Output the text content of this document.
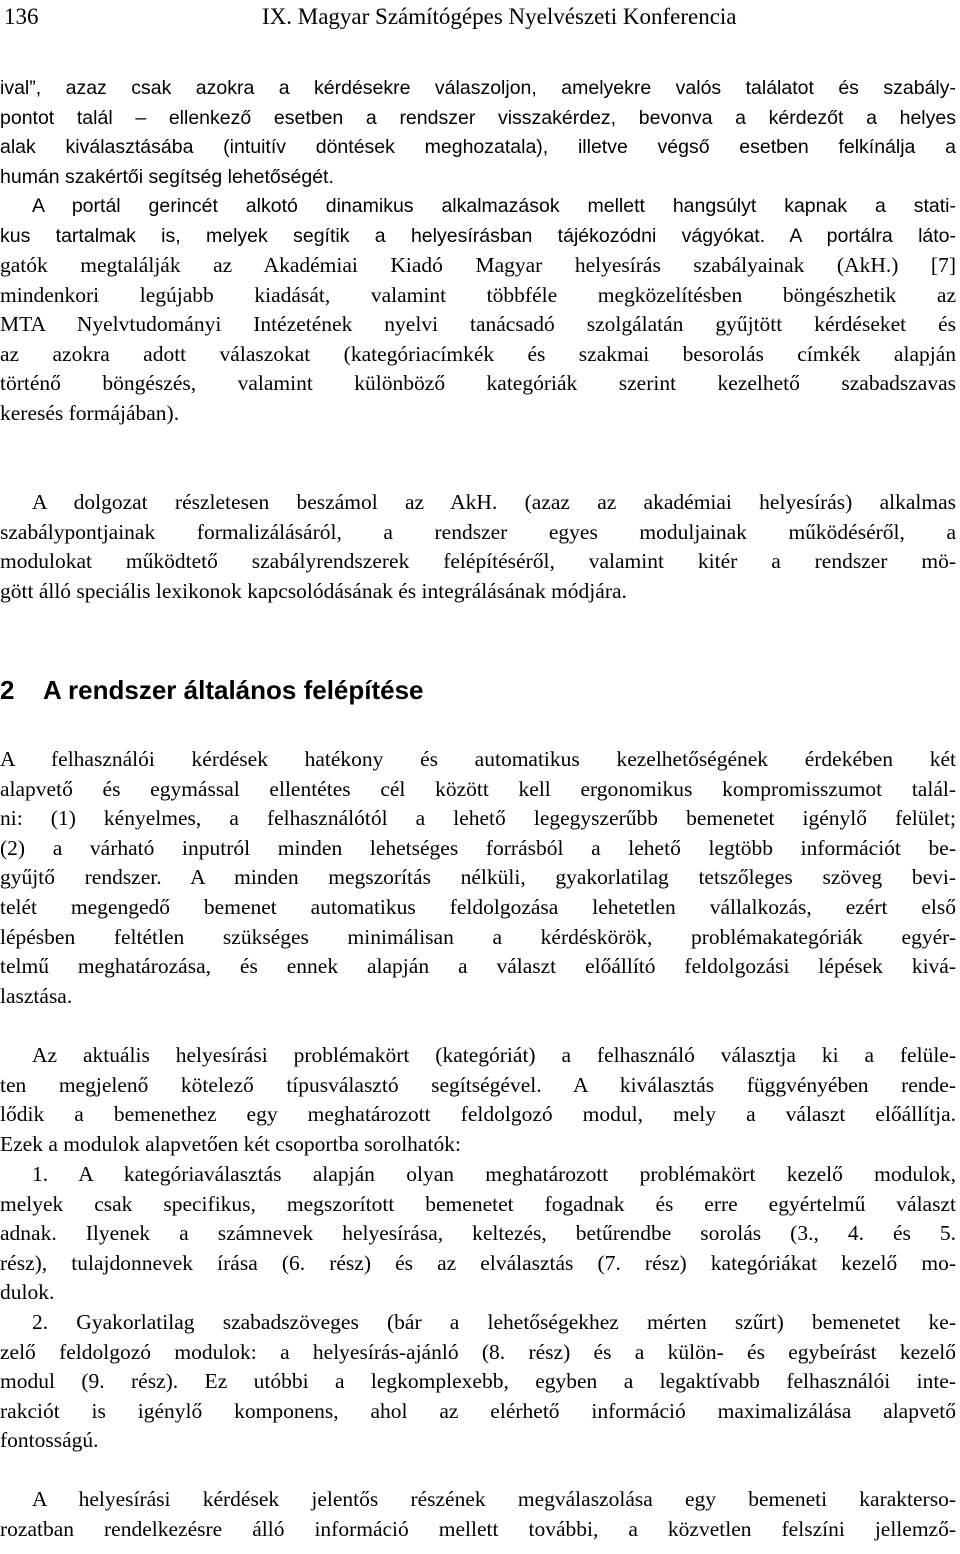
136	IX. Magyar Számítógépes Nyelvészeti Konferencia
ival”, azaz csak azokra a kérdésekre válaszoljon, amelyekre valós találatot és szabály-
pontot talál – ellenkező esetben a rendszer visszakérdez, bevonva a kérdezőt a helyes
alak kiválasztásába (intuitív döntések meghozatala), illetve végső esetben felkínálja a
humán szakértői segítség lehetőségét.
A portál gerincét alkotó dinamikus alkalmazások mellett hangsúlyt kapnak a stati-
kus tartalmak is, melyek segítik a helyesírásban tájékozódni vágyókat. A portálra láto-
gatók megtalálják az Akadémiai Kiadó Magyar helyesírás szabályainak (AkH.) [7]
mindenkori legújabb kiadását, valamint többféle megközelítésben böngészhetik az
MTA Nyelvtudományi Intézetének nyelvi tanácsadó szolgálatán gyűjtött kérdéseket és
az azokra adott válaszokat (kategóriacímkék és szakmai besorolás címkék alapján
történő böngészés, valamint különböző kategóriák szerint kezelhető szabadszavas
keresés formájában).
A dolgozat részletesen beszámol az AkH. (azaz az akadémiai helyesírás) alkalmas
szabálypontjainak formalizálásáról, a rendszer egyes moduljainak működéséről, a
modulokat működtető szabályrendszerek felépítéséről, valamint kitér a rendszer mö-
gött álló speciális lexikonok kapcsolódásának és integrálásának módjára.
2 A rendszer általános felépítése
A felhasználói kérdések hatékony és automatikus kezelhetőségének érdekében két
alapvető és egymással ellentétes cél között kell ergonomikus kompromisszumot talál-
ni: (1) kényelmes, a felhasználótól a lehető legegyszerűbb bemenetet igénylő felület;
(2) a várható inputról minden lehetséges forrásból a lehető legtöbb információt be-
gyűjtő rendszer. A minden megszorítás nélküli, gyakorlatilag tetszőleges szöveg bevi-
telét megengedő bemenet automatikus feldolgozása lehetetlen vállalkozás, ezért első
lépésben feltétlen szükséges minimálisan a kérdéskörök, problémakategóriák egyér-
telmű meghatározása, és ennek alapján a választ előállító feldolgozási lépések kivá-
lasztása.
Az aktuális helyesírási problémakört (kategóriát) a felhasználó választja ki a felüle-
ten megjelenő kötelező típusválasztó segítségével. A kiválasztás függvényében rende-
lődik a bemenethez egy meghatározott feldolgozó modul, mely a választ előállítja.
Ezek a modulok alapvetően két csoportba sorolhatók:
1. A kategóriaválasztás alapján olyan meghatározott problémakört kezelő modulok,
melyek csak specifikus, megszorított bemenetet fogadnak és erre egyértelmű választ
adnak. Ilyenek a számnevek helyesírása, keltezés, betűrendbe sorolás (3., 4. és 5.
rész), tulajdonnevek írása (6. rész) és az elválasztás (7. rész) kategóriákat kezelő mo-
dulok.
2. Gyakorlatilag szabadszöveges (bár a lehetőségekhez mérten szűrt) bemenetet ke-
zelő feldolgozó modulok: a helyesírás-ajánló (8. rész) és a külön- és egybeírást kezelő
modul (9. rész). Ez utóbbi a legkomplexebb, egyben a legaktívabb felhasználói inte-
rakciót is igénylő komponens, ahol az elérhető információ maximalizálása alapvető
fontosságú.
A helyesírási kérdések jelentős részének megválaszolása egy bemeneti karakterso-
rozatban rendelkezésre álló információ mellett további, a közvetlen felszíni jellemző-
